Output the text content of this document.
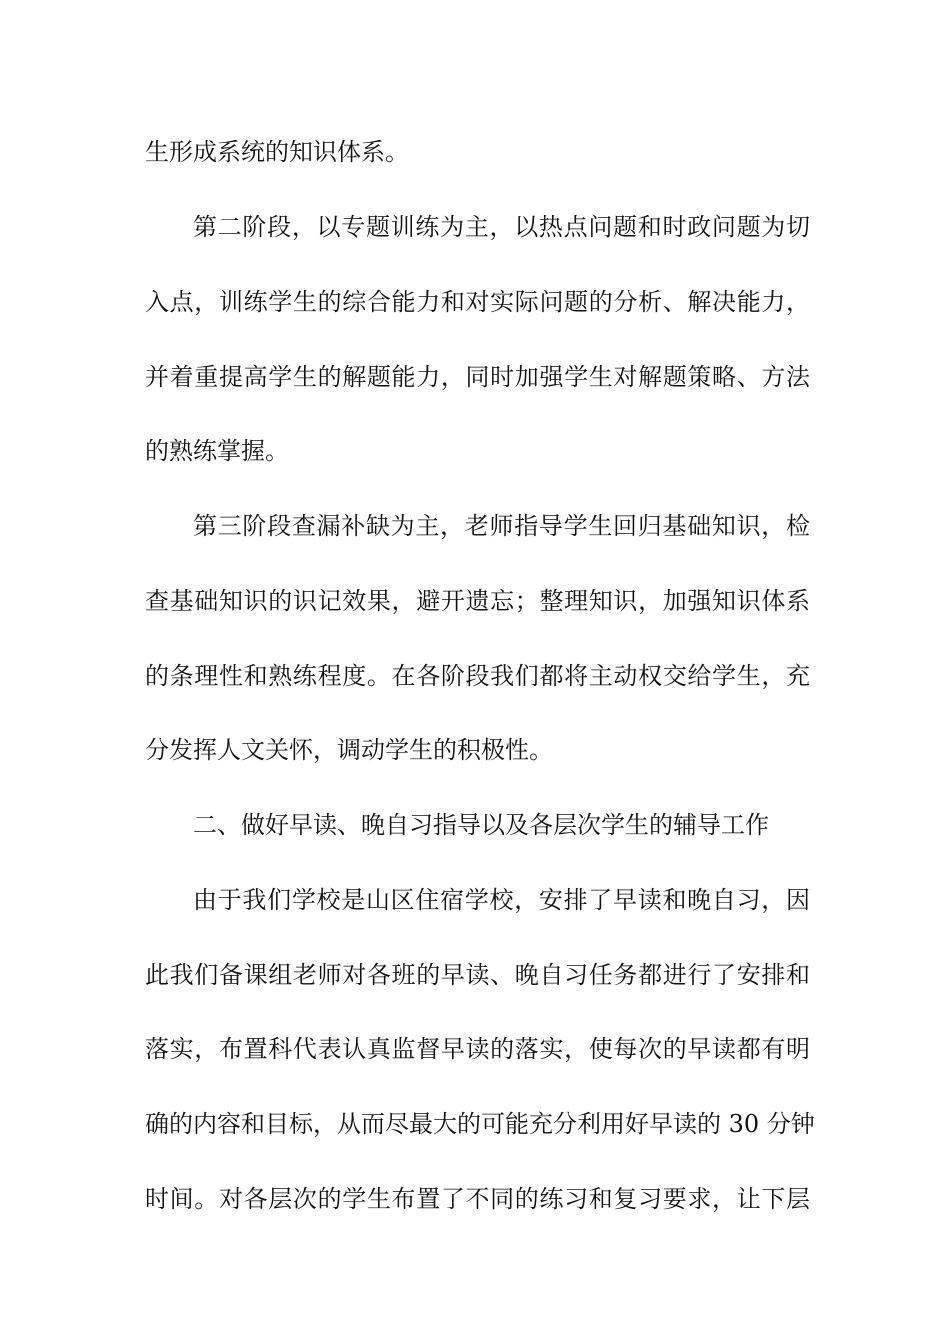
生形成系统的知识体系。
第二阶段，以专题训练为主，以热点问题和时政问题为切
入点，训练学生的综合能力和对实际问题的分析、解决能力，
并着重提高学生的解题能力，同时加强学生对解题策略、方法
的熟练掌握。
第三阶段查漏补缺为主，老师指导学生回归基础知识，检
查基础知识的识记效果，避开遗忘；整理知识，加强知识体系
的条理性和熟练程度。在各阶段我们都将主动权交给学生，充
分发挥人文关怀，调动学生的积极性。
二、做好早读、晚自习指导以及各层次学生的辅导工作
由于我们学校是山区住宿学校，安排了早读和晚自习，因
此我们备课组老师对各班的早读、晚自习任务都进行了安排和
落实，布置科代表认真监督早读的落实，使每次的早读都有明
确的内容和目标，从而尽最大的可能充分利用好早读的 30 分钟
时间。对各层次的学生布置了不同的练习和复习要求，让下层
